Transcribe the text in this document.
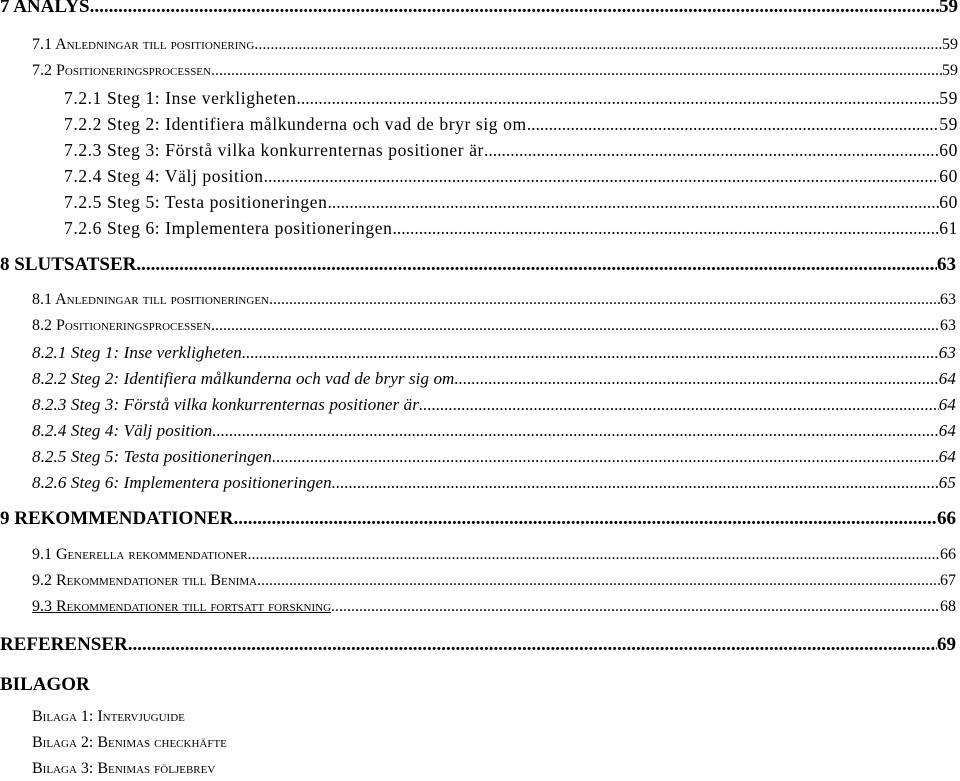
7 ANALYS .....	59
7.1 Anledningar till positionering .....	59
7.2 Positioneringsprocessen .....	59
7.2.1 Steg 1: Inse verkligheten .....	59
7.2.2 Steg 2: Identifiera målkunderna och vad de bryr sig om .....	59
7.2.3 Steg 3: Förstå vilka konkurrenternas positioner är .....	60
7.2.4 Steg 4: Välj position .....	60
7.2.5 Steg 5: Testa positioneringen .....	60
7.2.6 Steg 6: Implementera positioneringen .....	61
8 SLUTSATSER .....	63
8.1 Anledningar till positioneringen .....	63
8.2 Positioneringsprocessen .....	63
8.2.1 Steg 1: Inse verkligheten .....	63
8.2.2 Steg 2: Identifiera målkunderna och vad de bryr sig om .....	64
8.2.3 Steg 3: Förstå vilka konkurrenternas positioner är .....	64
8.2.4 Steg 4: Välj position .....	64
8.2.5 Steg 5: Testa positioneringen .....	64
8.2.6 Steg 6: Implementera positioneringen .....	65
9 REKOMMENDATIONER .....	66
9.1 Generella rekommendationer .....	66
9.2 Rekommendationer till Benima .....	67
9.3 Rekommendationer till fortsatt forskning .....	68
REFERENSER .....	69
BILAGOR
Bilaga 1: Intervjuguide
Bilaga 2: Benimas checkhäfte
Bilaga 3: Benimas följebrev
